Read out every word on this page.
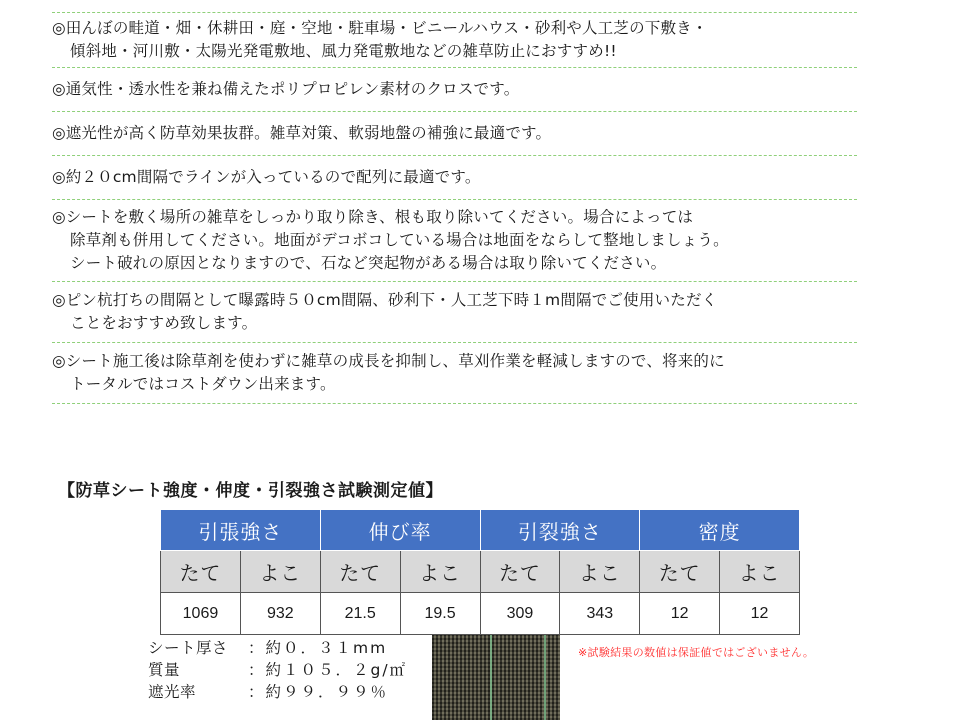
◎田んぼの畦道・畑・休耕田・庭・空地・駐車場・ビニールハウス・砂利や人工芝の下敷き・
傾斜地・河川敷・太陽光発電敷地、風力発電敷地などの雑草防止におすすめ!!
◎通気性・透水性を兼ね備えたポリプロピレン素材のクロスです。
◎遮光性が高く防草効果抜群。雑草対策、軟弱地盤の補強に最適です。
◎約２０cm間隔でラインが入っているので配列に最適です。
◎シートを敷く場所の雑草をしっかり取り除き、根も取り除いてください。場合によっては
除草剤も併用してください。地面がデコボコしている場合は地面をならして整地しましょう。
シート破れの原因となりますので、石など突起物がある場合は取り除いてください。
◎ピン杭打ちの間隔として曝露時５０cm間隔、砂利下・人工芝下時１m間隔でご使用いただく
ことをおすすめ致します。
◎シート施工後は除草剤を使わずに雑草の成長を抑制し、草刈作業を軽減しますので、将来的に
トータルではコストダウン出来ます。
【防草シート強度・伸度・引裂強さ試験測定値】
引張強さ		伸び率		引裂強さ		密度	
たて	よこ	たて	よこ	たて	よこ	たて	よこ
1069	932	21.5	19.5	309	343	12	12
シート厚さ	：約０．３１mm
質量	：約１０５．２g/㎡
遮光率	：約９９．９９％
※試験結果の数値は保証値ではございません。
